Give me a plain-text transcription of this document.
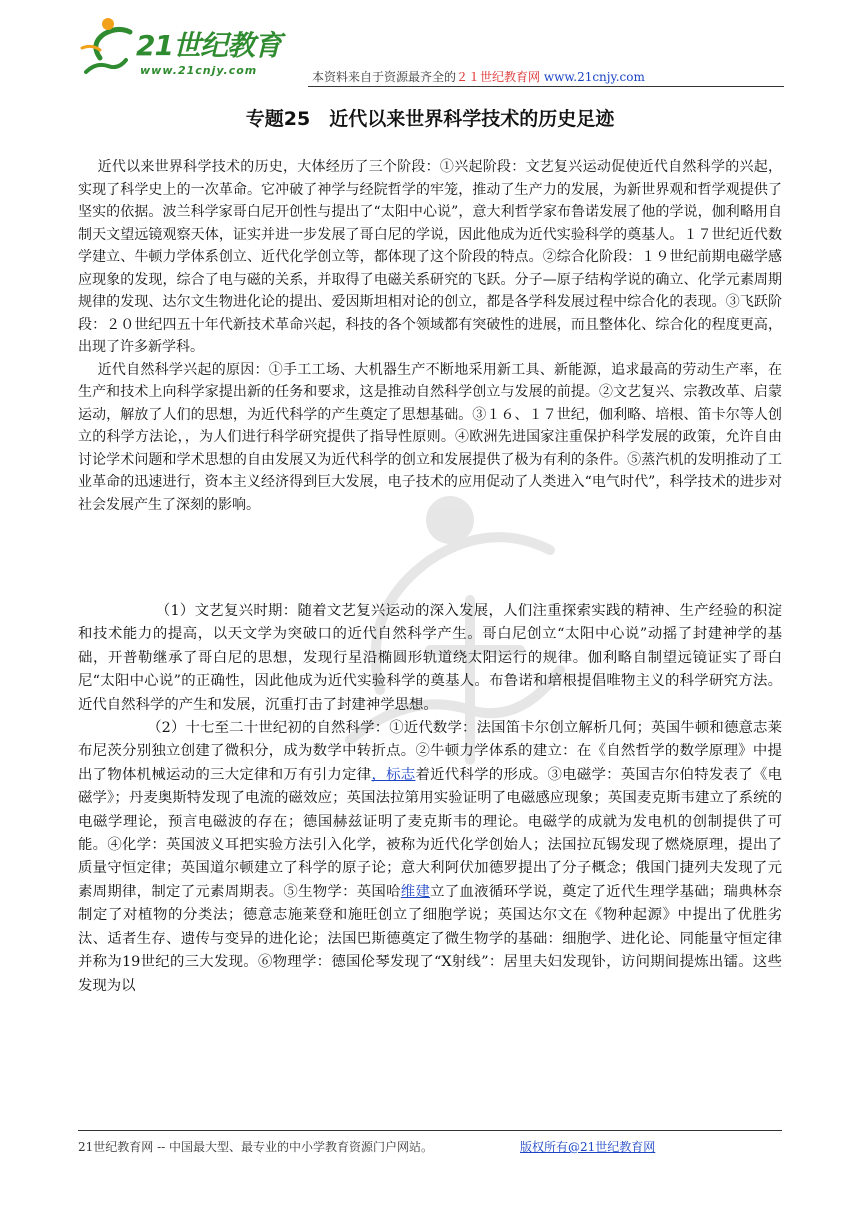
21世纪教育
www.21cnjy.com	本资料来自于资源最齐全的２１世纪教育网 www.21cnjy.com
专题25　近代以来世界科学技术的历史足迹

近代以来世界科学技术的历史，大体经历了三个阶段：①兴起阶段：文艺复兴运动促使近代自然科学的兴起，实现了科学史上的一次革命。它冲破了神学与经院哲学的牢笼，推动了生产力的发展，为新世界观和哲学观提供了坚实的依据。波兰科学家哥白尼开创性与提出了“太阳中心说”，意大利哲学家布鲁诺发展了他的学说，伽利略用自制天文望远镜观察天体，证实并进一步发展了哥白尼的学说，因此他成为近代实验科学的奠基人。１７世纪近代数学建立、牛顿力学体系创立、近代化学创立等，都体现了这个阶段的特点。②综合化阶段：１９世纪前期电磁学感应现象的发现，综合了电与磁的关系，并取得了电磁关系研究的飞跃。分子—原子结构学说的确立、化学元素周期规律的发现、达尔文生物进化论的提出、爱因斯坦相对论的创立，都是各学科发展过程中综合化的表现。③飞跃阶段：２０世纪四五十年代新技术革命兴起，科技的各个领域都有突破性的进展，而且整体化、综合化的程度更高，出现了许多新学科。

近代自然科学兴起的原因：①手工工场、大机器生产不断地采用新工具、新能源，追求最高的劳动生产率，在生产和技术上向科学家提出新的任务和要求，这是推动自然科学创立与发展的前提。②文艺复兴、宗教改革、启蒙运动，解放了人们的思想，为近代科学的产生奠定了思想基础。③１６、１７世纪，伽利略、培根、笛卡尔等人创立的科学方法论，，为人们进行科学研究提供了指导性原则。④欧洲先进国家注重保护科学发展的政策，允许自由讨论学术问题和学术思想的自由发展又为近代科学的创立和发展提供了极为有利的条件。⑤蒸汽机的发明推动了工业革命的迅速进行，资本主义经济得到巨大发展，电子技术的应用促动了人类进入“电气时代”，科学技术的进步对社会发展产生了深刻的影响。

（1）文艺复兴时期：随着文艺复兴运动的深入发展，人们注重探索实践的精神、生产经验的积淀和技术能力的提高，以天文学为突破口的近代自然科学产生。哥白尼创立“太阳中心说”动摇了封建神学的基础，开普勒继承了哥白尼的思想，发现行星沿椭圆形轨道绕太阳运行的规律。伽利略自制望远镜证实了哥白尼“太阳中心说”的正确性，因此他成为近代实验科学的奠基人。布鲁诺和培根提倡唯物主义的科学研究方法。近代自然科学的产生和发展，沉重打击了封建神学思想。

（2）十七至二十世纪初的自然科学：①近代数学：法国笛卡尔创立解析几何；英国牛顿和德意志莱布尼茨分别独立创建了微积分，成为数学中转折点。②牛顿力学体系的建立：在《自然哲学的数学原理》中提出了物体机械运动的三大定律和万有引力定律，标志着近代科学的形成。③电磁学：英国吉尔伯特发表了《电磁学》；丹麦奥斯特发现了电流的磁效应；英国法拉第用实验证明了电磁感应现象；英国麦克斯韦建立了系统的电磁学理论，预言电磁波的存在；德国赫兹证明了麦克斯韦的理论。电磁学的成就为发电机的创制提供了可能。④化学：英国波义耳把实验方法引入化学，被称为近代化学创始人；法国拉瓦锡发现了燃烧原理，提出了质量守恒定律；英国道尔顿建立了科学的原子论；意大利阿伏加德罗提出了分子概念；俄国门捷列夫发现了元素周期律，制定了元素周期表。⑤生物学：英国哈维建立了血液循环学说，奠定了近代生理学基础；瑞典林奈制定了对植物的分类法；德意志施莱登和施旺创立了细胞学说；英国达尔文在《物种起源》中提出了优胜劣汰、适者生存、遗传与变异的进化论；法国巴斯德奠定了微生物学的基础：细胞学、进化论、同能量守恒定律并称为19世纪的三大发现。⑥物理学：德国伦琴发现了“X射线”：居里夫妇发现钋，访问期间提炼出镭。这些发现为以

21世纪教育网 -- 中国最大型、最专业的中小学教育资源门户网站。	版权所有@21世纪教育网
